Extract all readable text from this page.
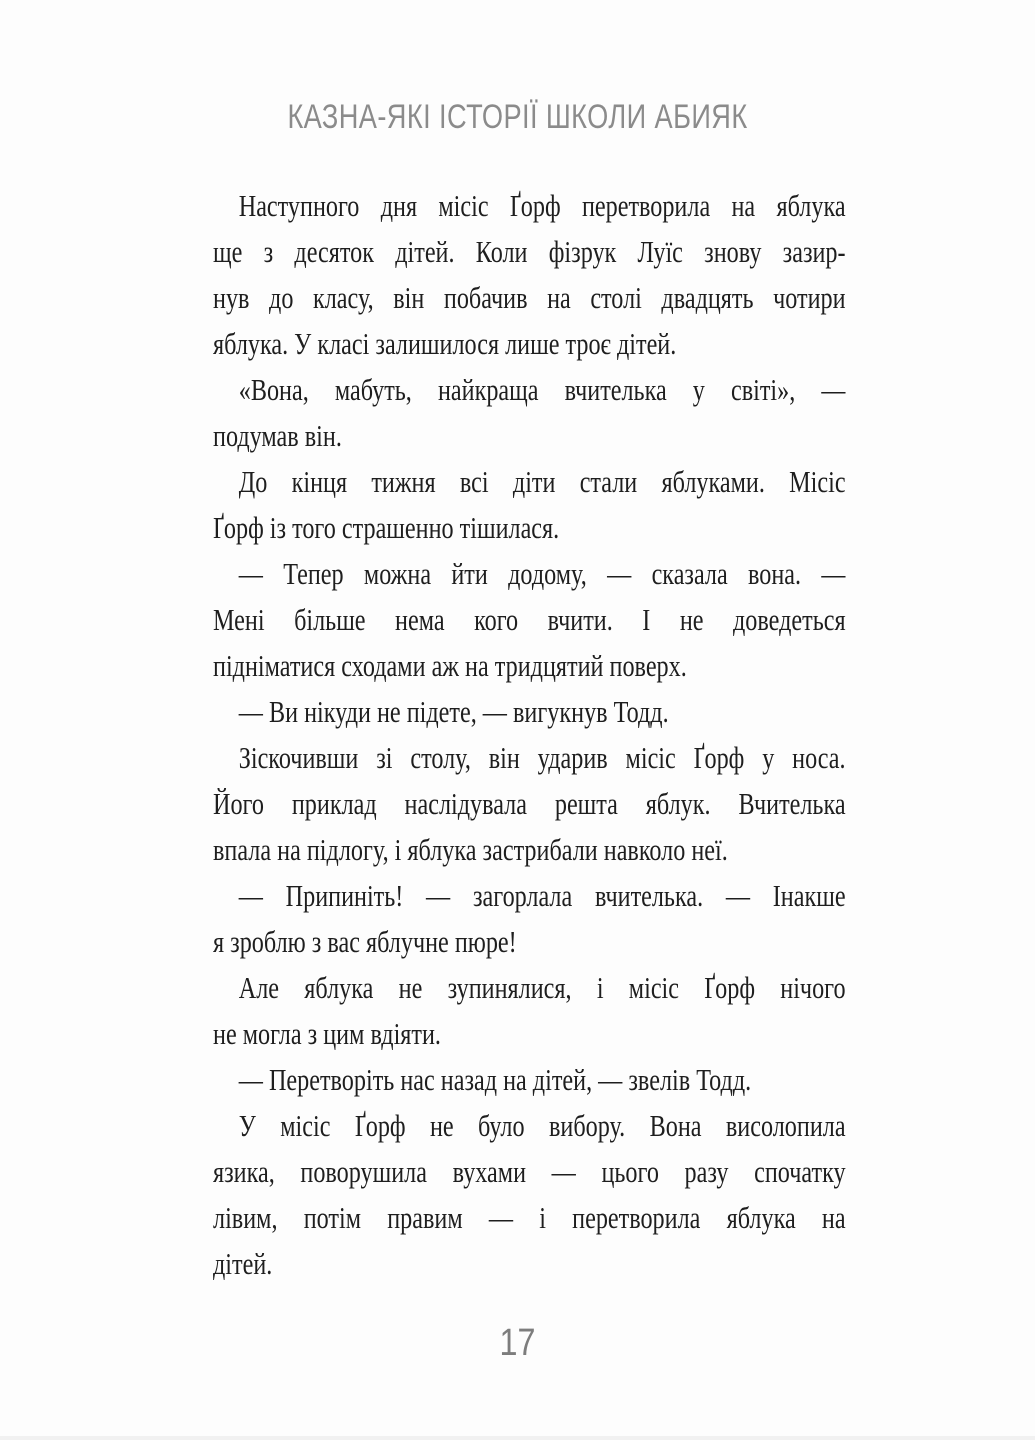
КАЗНА-ЯКІ ІСТОРІЇ ШКОЛИ АБИЯК
Наступного дня місіс Ґорф перетворила на яблука
ще з десяток дітей. Коли фізрук Луїс знову зазир-
нув до класу, він побачив на столі двадцять чотири
яблука. У класі залишилося лише троє дітей.
«Вона, мабуть, найкраща вчителька у світі», —
подумав він.
До кінця тижня всі діти стали яблуками. Місіс
Ґорф із того страшенно тішилася.
— Тепер можна йти додому, — сказала вона. —
Мені більше нема кого вчити. І не доведеться
підніматися сходами аж на тридцятий поверх.
— Ви нікуди не підете, — вигукнув Тодд.
Зіскочивши зі столу, він ударив місіс Ґорф у носа.
Його приклад наслідувала решта яблук. Вчителька
впала на підлогу, і яблука застрибали навколо неї.
— Припиніть! — загорлала вчителька. — Інакше
я зроблю з вас яблучне пюре!
Але яблука не зупинялися, і місіс Ґорф нічого
не могла з цим вдіяти.
— Перетворіть нас назад на дітей, — звелів Тодд.
У місіс Ґорф не було вибору. Вона висолопила
язика, поворушила вухами — цього разу спочатку
лівим, потім правим — і перетворила яблука на
дітей.
17
